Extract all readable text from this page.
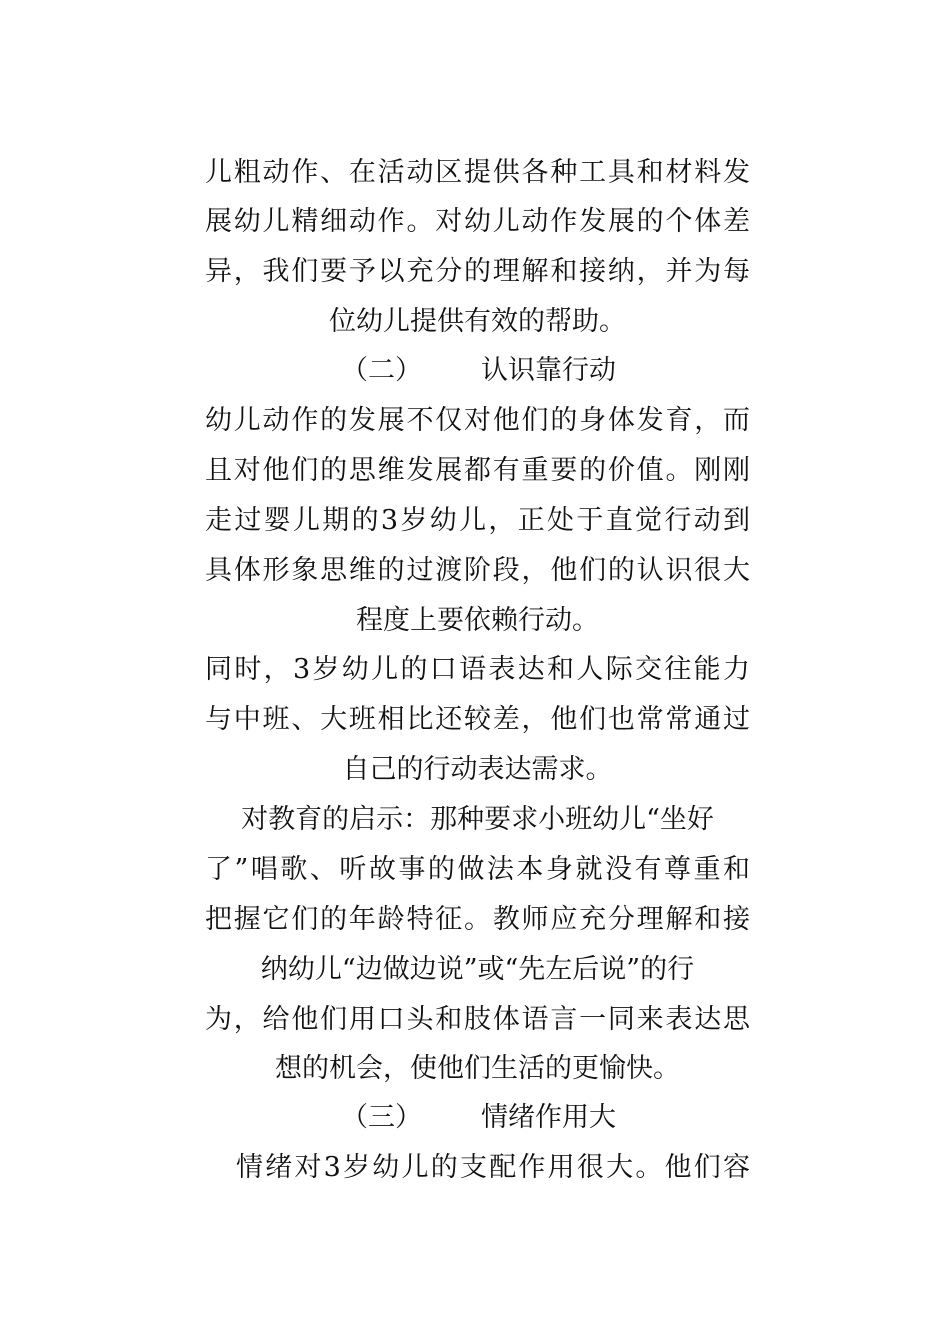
儿粗动作、在活动区提供各种工具和材料发
展幼儿精细动作。对幼儿动作发展的个体差
异，我们要予以充分的理解和接纳，并为每
位幼儿提供有效的帮助。
（二） 认识靠行动
幼儿动作的发展不仅对他们的身体发育，而
且对他们的思维发展都有重要的价值。刚刚
走过婴儿期的3岁幼儿，正处于直觉行动到
具体形象思维的过渡阶段，他们的认识很大
程度上要依赖行动。
同时，3岁幼儿的口语表达和人际交往能力
与中班、大班相比还较差，他们也常常通过
自己的行动表达需求。
对教育的启示：那种要求小班幼儿“坐好
了”唱歌、听故事的做法本身就没有尊重和
把握它们的年龄特征。教师应充分理解和接
纳幼儿“边做边说”或“先左后说”的行
为，给他们用口头和肢体语言一同来表达思
想的机会，使他们生活的更愉快。
（三） 情绪作用大
情绪对3岁幼儿的支配作用很大。他们容
